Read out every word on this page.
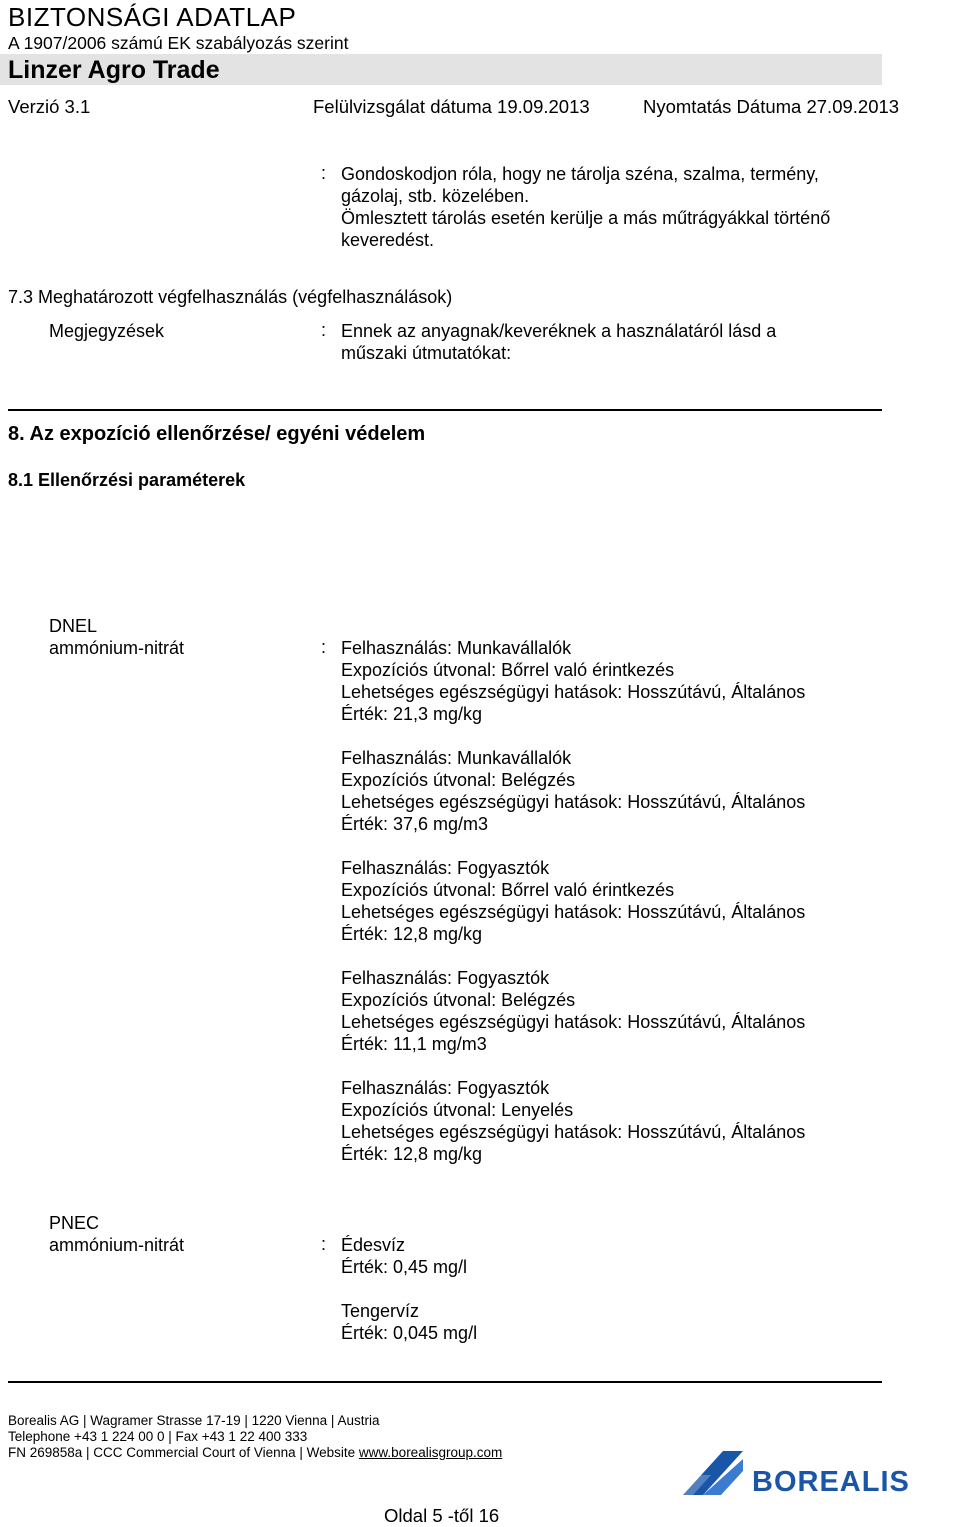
BIZTONSÁGI ADATLAP
A 1907/2006 számú EK szabályozás szerint
Linzer Agro Trade
Verzió 3.1	Felülvizsgálat dátuma 19.09.2013	Nyomtatás Dátuma 27.09.2013
: Gondoskodjon róla, hogy ne tárolja széna, szalma, termény,
gázolaj, stb. közelében.
Ömlesztett tárolás esetén kerülje a más műtrágyákkal történő
keveredést.
7.3 Meghatározott végfelhasználás (végfelhasználások)
Megjegyzések	: Ennek az anyagnak/keveréknek a használatáról lásd a
műszaki útmutatókat:
8. Az expozíció ellenőrzése/ egyéni védelem
8.1 Ellenőrzési paraméterek
DNEL
ammónium-nitrát	: Felhasználás: Munkavállalók
Expozíciós útvonal: Bőrrel való érintkezés
Lehetséges egészségügyi hatások: Hosszútávú, Általános
Érték: 21,3 mg/kg
Felhasználás: Munkavállalók
Expozíciós útvonal: Belégzés
Lehetséges egészségügyi hatások: Hosszútávú, Általános
Érték: 37,6 mg/m3
Felhasználás: Fogyasztók
Expozíciós útvonal: Bőrrel való érintkezés
Lehetséges egészségügyi hatások: Hosszútávú, Általános
Érték: 12,8 mg/kg
Felhasználás: Fogyasztók
Expozíciós útvonal: Belégzés
Lehetséges egészségügyi hatások: Hosszútávú, Általános
Érték: 11,1 mg/m3
Felhasználás: Fogyasztók
Expozíciós útvonal: Lenyelés
Lehetséges egészségügyi hatások: Hosszútávú, Általános
Érték: 12,8 mg/kg
PNEC
ammónium-nitrát	: Édesvíz
Érték: 0,45 mg/l
Tengervíz
Érték: 0,045 mg/l
Borealis AG | Wagramer Strasse 17-19 | 1220 Vienna | Austria
Telephone +43 1 224 00 0 | Fax +43 1 22 400 333
FN 269858a | CCC Commercial Court of Vienna | Website www.borealisgroup.com
BOREALIS
Oldal 5 -től 16
